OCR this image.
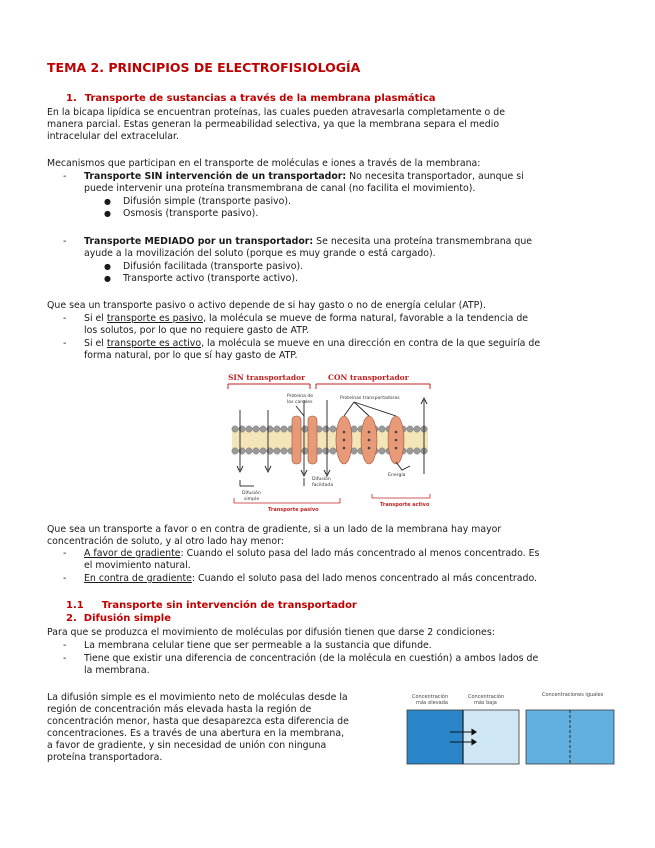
TEMA 2. PRINCIPIOS DE ELECTROFISIOLOGÍA
1. Transporte de sustancias a través de la membrana plasmática
En la bicapa lipídica se encuentran proteínas, las cuales pueden atravesarla completamente o de
manera parcial. Estas generan la permeabilidad selectiva, ya que la membrana separa el medio
intracelular del extracelular.
Mecanismos que participan en el transporte de moléculas e iones a través de la membrana:
- Transporte SIN intervención de un transportador: No necesita transportador, aunque si
puede intervenir una proteína transmembrana de canal (no facilita el movimiento).
● Difusión simple (transporte pasivo).
● Osmosis (transporte pasivo).
- Transporte MEDIADO por un transportador: Se necesita una proteína transmembrana que
ayude a la movilización del soluto (porque es muy grande o está cargado).
● Difusión facilitada (transporte pasivo).
● Transporte activo (transporte activo).
Que sea un transporte pasivo o activo depende de si hay gasto o no de energía celular (ATP).
- Si el transporte es pasivo, la molécula se mueve de forma natural, favorable a la tendencia de
los solutos, por lo que no requiere gasto de ATP.
- Si el transporte es activo, la molécula se mueve en una dirección en contra de la que seguiría de
forma natural, por lo que sí hay gasto de ATP.
SIN transportador	CON transportador
Proteína de
los canales
Proteínas transportadoras
Energía
Difusión
simple
Difusión
facilitada
Transporte pasivo
Transporte activo
Que sea un transporte a favor o en contra de gradiente, si a un lado de la membrana hay mayor
concentración de soluto, y al otro lado hay menor:
- A favor de gradiente: Cuando el soluto pasa del lado más concentrado al menos concentrado. Es
el movimiento natural.
- En contra de gradiente: Cuando el soluto pasa del lado menos concentrado al más concentrado.
1.1 Transporte sin intervención de transportador
2. Difusión simple
Para que se produzca el movimiento de moléculas por difusión tienen que darse 2 condiciones:
- La membrana celular tiene que ser permeable a la sustancia que difunde.
- Tiene que existir una diferencia de concentración (de la molécula en cuestión) a ambos lados de
la membrana.
La difusión simple es el movimiento neto de moléculas desde la
región de concentración más elevada hasta la región de
concentración menor, hasta que desaparezca esta diferencia de
concentraciones. Es a través de una abertura en la membrana,
a favor de gradiente, y sin necesidad de unión con ninguna
proteína transportadora.
Concentración
más elevada
Concentración
más baja
Concentraciones iguales
